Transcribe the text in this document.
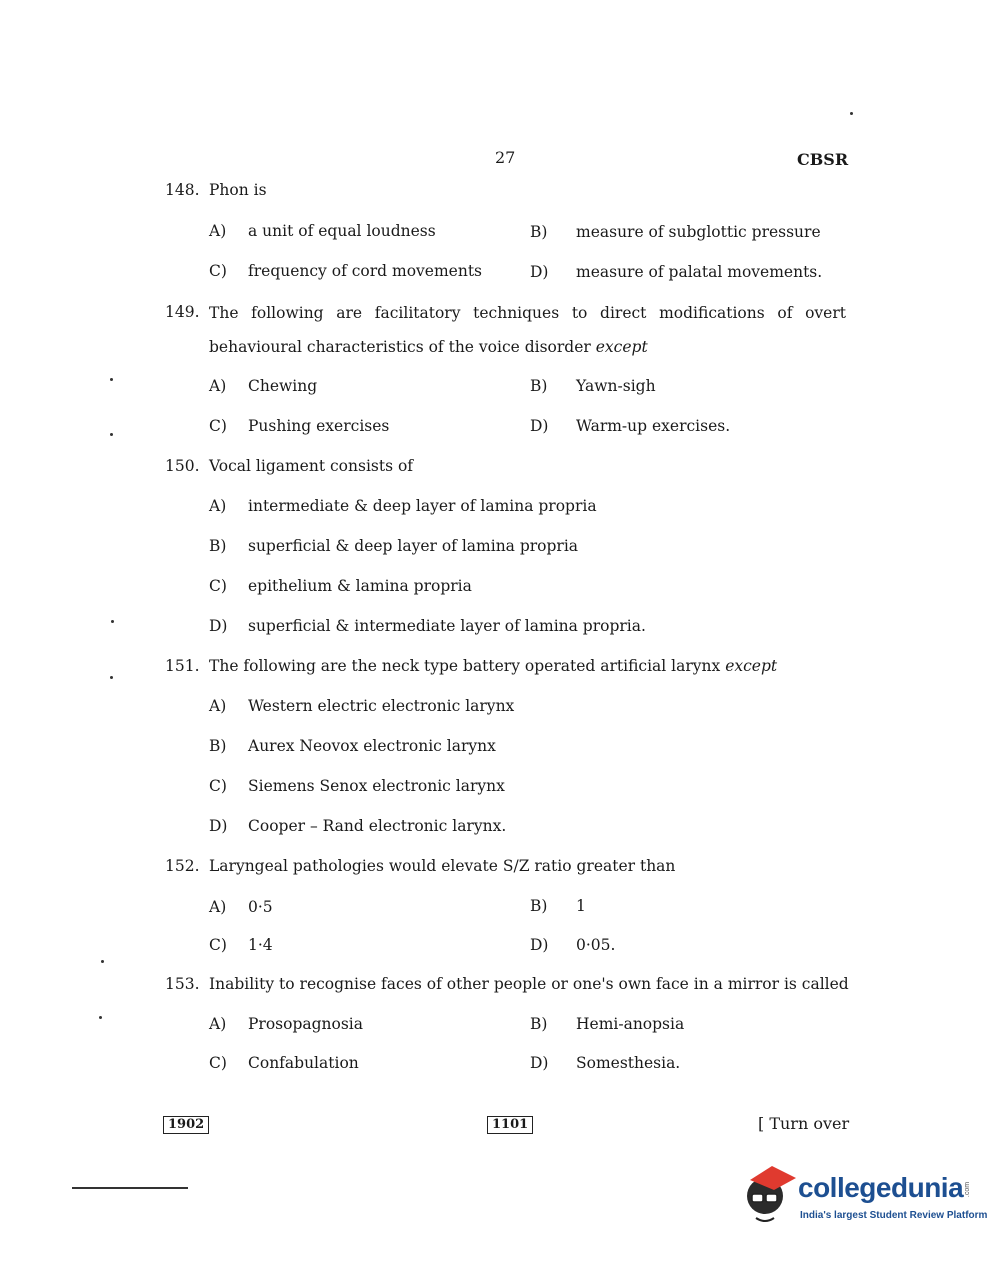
27	CBSR
148. Phon is
A) a unit of equal loudness	B) measure of subglottic pressure
C) frequency of cord movements	D) measure of palatal movements.
149. The following are facilitatory techniques to direct modifications of overt behavioural characteristics of the voice disorder except
A) Chewing	B) Yawn-sigh
C) Pushing exercises	D) Warm-up exercises.
150. Vocal ligament consists of
A) intermediate & deep layer of lamina propria
B) superficial & deep layer of lamina propria
C) epithelium & lamina propria
D) superficial & intermediate layer of lamina propria.
151. The following are the neck type battery operated artificial larynx except
A) Western electric electronic larynx
B) Aurex Neovox electronic larynx
C) Siemens Senox electronic larynx
D) Cooper – Rand electronic larynx.
152. Laryngeal pathologies would elevate S/Z ratio greater than
A) 0·5	B) 1
C) 1·4	D) 0·05.
153. Inability to recognise faces of other people or one's own face in a mirror is called
A) Prosopagnosia	B) Hemi-anopsia
C) Confabulation	D) Somesthesia.
1902	1101	[ Turn over
collegedunia
India's largest Student Review Platform
.com
